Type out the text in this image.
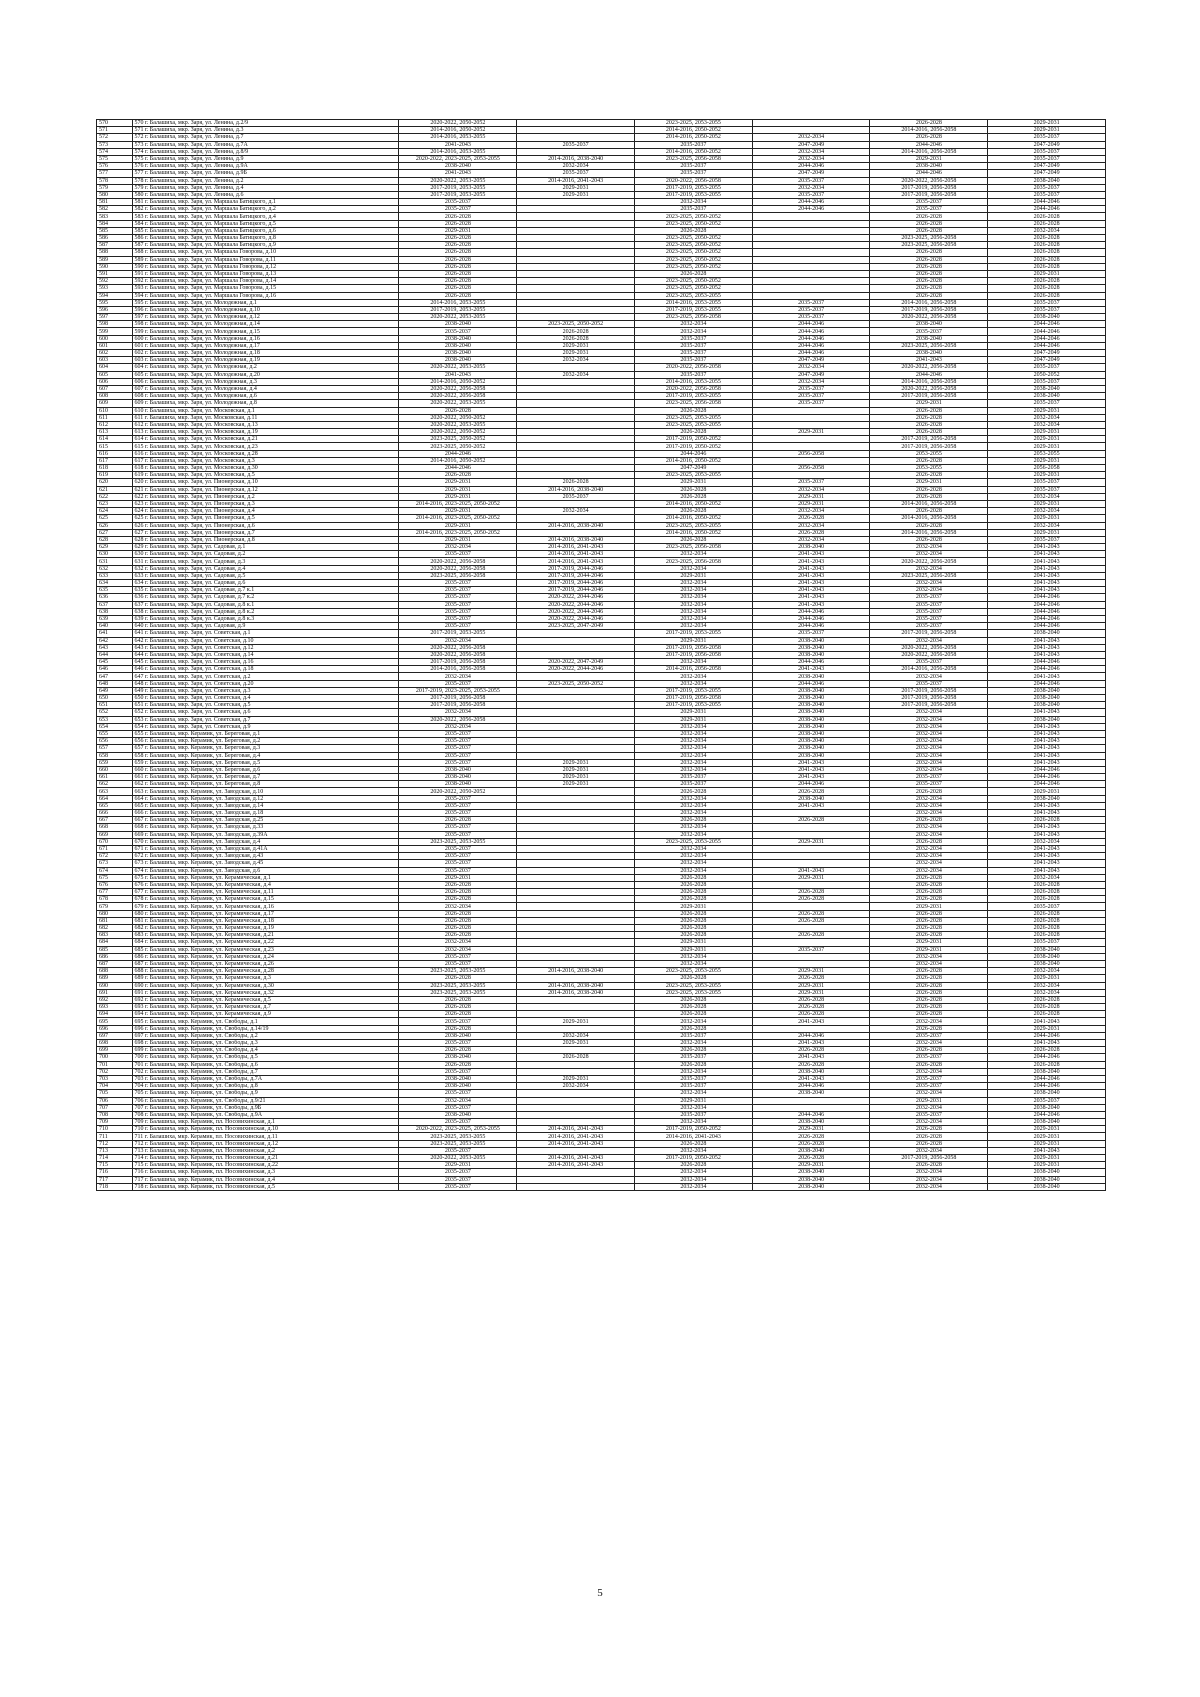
570	570 г. Балашиха, мкр. Заря, ул. Ленина, д.2/9	2020-2022, 2050-2052		2023-2025, 2053-2055		2026-2028	2029-2031
571	571 г. Балашиха, мкр. Заря, ул. Ленина, д.3	2014-2016, 2050-2052		2014-2016, 2050-2052		2014-2016, 2056-2058	2029-2031
572	572 г. Балашиха, мкр. Заря, ул. Ленина, д.7	2014-2016, 2053-2055		2014-2016, 2050-2052	2032-2034	2026-2028	2035-2037
573	573 г. Балашиха, мкр. Заря, ул. Ленина, д.7А	2041-2043	2035-2037	2035-2037	2047-2049	2044-2046	2047-2049
574	574 г. Балашиха, мкр. Заря, ул. Ленина, д.8/9	2014-2016, 2053-2055		2014-2016, 2050-2052	2032-2034	2014-2016, 2056-2058	2035-2037
575	575 г. Балашиха, мкр. Заря, ул. Ленина, д.9	2020-2022, 2023-2025, 2053-2055	2014-2016, 2038-2040	2023-2025, 2056-2058	2032-2034	2029-2031	2035-2037
576	576 г. Балашиха, мкр. Заря, ул. Ленина, д.9А	2038-2040	2032-2034	2035-2037	2044-2046	2038-2040	2047-2049
577	577 г. Балашиха, мкр. Заря, ул. Ленина, д.9Б	2041-2043	2035-2037	2035-2037	2047-2049	2044-2046	2047-2049
578	578 г. Балашиха, мкр. Заря, ул. Ленина, д.2	2020-2022, 2053-2055	2014-2016, 2041-2043	2020-2022, 2056-2058	2035-2037	2020-2022, 2056-2058	2038-2040
579	579 г. Балашиха, мкр. Заря, ул. Ленина, д.4	2017-2019, 2053-2055	2029-2031	2017-2019, 2053-2055	2032-2034	2017-2019, 2056-2058	2035-2037
580	580 г. Балашиха, мкр. Заря, ул. Ленина, д.6	2017-2019, 2053-2055	2029-2031	2017-2019, 2053-2055	2035-2037	2017-2019, 2056-2058	2035-2037
581	581 г. Балашиха, мкр. Заря, ул. Маршала Батицкого, д.1	2035-2037		2032-2034	2044-2046	2035-2037	2044-2046
582	582 г. Балашиха, мкр. Заря, ул. Маршала Батицкого, д.2	2035-2037		2035-2037	2044-2046	2035-2037	2044-2046
583	583 г. Балашиха, мкр. Заря, ул. Маршала Батицкого, д.4	2026-2028		2023-2025, 2050-2052		2026-2028	2026-2028
584	584 г. Балашиха, мкр. Заря, ул. Маршала Батицкого, д.5	2026-2028		2023-2025, 2050-2052		2026-2028	2026-2028
585	585 г. Балашиха, мкр. Заря, ул. Маршала Батицкого, д.6	2029-2031		2026-2028		2026-2028	2032-2034
586	586 г. Балашиха, мкр. Заря, ул. Маршала Батицкого, д.8	2026-2028		2023-2025, 2050-2052		2023-2025, 2056-2058	2026-2028
587	587 г. Балашиха, мкр. Заря, ул. Маршала Батицкого, д.9	2026-2028		2023-2025, 2050-2052		2023-2025, 2056-2058	2026-2028
588	588 г. Балашиха, мкр. Заря, ул. Маршала Говорова, д.10	2026-2028		2023-2025, 2050-2052		2026-2028	2026-2028
589	589 г. Балашиха, мкр. Заря, ул. Маршала Говорова, д.11	2026-2028		2023-2025, 2050-2052		2026-2028	2026-2028
590	590 г. Балашиха, мкр. Заря, ул. Маршала Говорова, д.12	2026-2028		2023-2025, 2050-2052		2026-2028	2026-2028
591	591 г. Балашиха, мкр. Заря, ул. Маршала Говорова, д.13	2026-2028		2026-2028		2026-2028	2029-2031
592	592 г. Балашиха, мкр. Заря, ул. Маршала Говорова, д.14	2026-2028		2023-2025, 2050-2052		2026-2028	2026-2028
593	593 г. Балашиха, мкр. Заря, ул. Маршала Говорова, д.15	2026-2028		2023-2025, 2050-2052		2026-2028	2026-2028
594	594 г. Балашиха, мкр. Заря, ул. Маршала Говорова, д.16	2026-2028		2023-2025, 2053-2055		2026-2028	2026-2028
595	595 г. Балашиха, мкр. Заря, ул. Молодежная, д.1	2014-2016, 2053-2055		2014-2016, 2053-2055	2035-2037	2014-2016, 2056-2058	2035-2037
596	596 г. Балашиха, мкр. Заря, ул. Молодежная, д.10	2017-2019, 2053-2055		2017-2019, 2053-2055	2035-2037	2017-2019, 2056-2058	2035-2037
597	597 г. Балашиха, мкр. Заря, ул. Молодежная, д.12	2020-2022, 2053-2055		2023-2025, 2056-2058	2035-2037	2020-2022, 2056-2058	2038-2040
598	598 г. Балашиха, мкр. Заря, ул. Молодежная, д.14	2038-2040	2023-2025, 2050-2052	2032-2034	2044-2046	2038-2040	2044-2046
599	599 г. Балашиха, мкр. Заря, ул. Молодежная, д.15	2035-2037	2026-2028	2032-2034	2044-2046	2035-2037	2044-2046
600	600 г. Балашиха, мкр. Заря, ул. Молодежная, д.16	2038-2040	2026-2028	2035-2037	2044-2046	2038-2040	2044-2046
601	601 г. Балашиха, мкр. Заря, ул. Молодежная, д.17	2038-2040	2029-2031	2035-2037	2044-2046	2023-2025, 2056-2058	2044-2046
602	602 г. Балашиха, мкр. Заря, ул. Молодежная, д.18	2038-2040	2029-2031	2035-2037	2044-2046	2038-2040	2047-2049
603	603 г. Балашиха, мкр. Заря, ул. Молодежная, д.19	2038-2040	2032-2034	2035-2037	2047-2049	2041-2043	2047-2049
604	604 г. Балашиха, мкр. Заря, ул. Молодежная, д.2	2020-2022, 2053-2055		2020-2022, 2056-2058	2032-2034	2020-2022, 2056-2058	2035-2037
605	605 г. Балашиха, мкр. Заря, ул. Молодежная, д.20	2041-2043	2032-2034	2035-2037	2047-2049	2044-2046	2050-2052
606	606 г. Балашиха, мкр. Заря, ул. Молодежная, д.3	2014-2016, 2050-2052		2014-2016, 2053-2055	2032-2034	2014-2016, 2056-2058	2035-2037
607	607 г. Балашиха, мкр. Заря, ул. Молодежная, д.4	2020-2022, 2056-2058		2020-2022, 2056-2058	2035-2037	2020-2022, 2056-2058	2038-2040
608	608 г. Балашиха, мкр. Заря, ул. Молодежная, д.6	2020-2022, 2056-2058		2017-2019, 2053-2055	2035-2037	2017-2019, 2056-2058	2038-2040
609	609 г. Балашиха, мкр. Заря, ул. Молодежная, д.8	2020-2022, 2053-2055		2023-2025, 2056-2058	2035-2037	2029-2031	2035-2037
610	610 г. Балашиха, мкр. Заря, ул. Московская, д.1	2026-2028		2026-2028		2026-2028	2029-2031
611	611 г. Балашиха, мкр. Заря, ул. Московская, д.11	2020-2022, 2050-2052		2023-2025, 2053-2055		2026-2028	2032-2034
612	612 г. Балашиха, мкр. Заря, ул. Московская, д.13	2020-2022, 2053-2055		2023-2025, 2053-2055		2026-2028	2032-2034
613	613 г. Балашиха, мкр. Заря, ул. Московская, д.19	2020-2022, 2050-2052		2026-2028	2029-2031	2026-2028	2029-2031
614	614 г. Балашиха, мкр. Заря, ул. Московская, д.21	2023-2025, 2050-2052		2017-2019, 2050-2052		2017-2019, 2056-2058	2029-2031
615	615 г. Балашиха, мкр. Заря, ул. Московская, д.23	2023-2025, 2050-2052		2017-2019, 2050-2052		2017-2019, 2056-2058	2029-2031
616	616 г. Балашиха, мкр. Заря, ул. Московская, д.28	2044-2046		2044-2046	2056-2058	2053-2055	2053-2055
617	617 г. Балашиха, мкр. Заря, ул. Московская, д.3	2014-2016, 2050-2052		2014-2016, 2050-2052		2026-2028	2029-2031
618	618 г. Балашиха, мкр. Заря, ул. Московская, д.30	2044-2046		2047-2049	2056-2058	2053-2055	2056-2058
619	619 г. Балашиха, мкр. Заря, ул. Московская, д.5	2026-2028		2023-2025, 2053-2055		2026-2028	2029-2031
620	620 г. Балашиха, мкр. Заря, ул. Пионерская, д.10	2029-2031	2026-2028	2029-2031	2035-2037	2029-2031	2035-2037
621	621 г. Балашиха, мкр. Заря, ул. Пионерская, д.12	2029-2031	2014-2016, 2038-2040	2026-2028	2032-2034	2026-2028	2035-2037
622	622 г. Балашиха, мкр. Заря, ул. Пионерская, д.2	2029-2031	2035-2037	2026-2028	2029-2031	2026-2028	2032-2034
623	623 г. Балашиха, мкр. Заря, ул. Пионерская, д.3	2014-2016, 2023-2025, 2050-2052		2014-2016, 2050-2052	2029-2031	2014-2016, 2056-2058	2029-2031
624	624 г. Балашиха, мкр. Заря, ул. Пионерская, д.4	2029-2031	2032-2034	2026-2028	2032-2034	2026-2028	2032-2034
625	625 г. Балашиха, мкр. Заря, ул. Пионерская, д.5	2014-2016, 2023-2025, 2050-2052		2014-2016, 2050-2052	2026-2028	2014-2016, 2056-2058	2029-2031
626	626 г. Балашиха, мкр. Заря, ул. Пионерская, д.6	2029-2031	2014-2016, 2038-2040	2023-2025, 2053-2055	2032-2034	2026-2028	2032-2034
627	627 г. Балашиха, мкр. Заря, ул. Пионерская, д.7	2014-2016, 2023-2025, 2050-2052		2014-2016, 2050-2052	2026-2028	2014-2016, 2056-2058	2029-2031
628	628 г. Балашиха, мкр. Заря, ул. Пионерская, д.8	2029-2031	2014-2016, 2038-2040	2026-2028	2032-2034	2026-2028	2035-2037
629	629 г. Балашиха, мкр. Заря, ул. Садовая, д.1	2032-2034	2014-2016, 2041-2043	2023-2025, 2056-2058	2038-2040	2032-2034	2041-2043
630	630 г. Балашиха, мкр. Заря, ул. Садовая, д.2	2035-2037	2014-2016, 2041-2043	2032-2034	2041-2043	2032-2034	2041-2043
631	631 г. Балашиха, мкр. Заря, ул. Садовая, д.3	2020-2022, 2056-2058	2014-2016, 2041-2043	2023-2025, 2056-2058	2041-2043	2020-2022, 2056-2058	2041-2043
632	632 г. Балашиха, мкр. Заря, ул. Садовая, д.4	2020-2022, 2056-2058	2017-2019, 2044-2046	2032-2034	2041-2043	2032-2034	2041-2043
633	633 г. Балашиха, мкр. Заря, ул. Садовая, д.5	2023-2025, 2056-2058	2017-2019, 2044-2046	2029-2031	2041-2043	2023-2025, 2056-2058	2041-2043
634	634 г. Балашиха, мкр. Заря, ул. Садовая, д.6	2035-2037	2017-2019, 2044-2046	2032-2034	2041-2043	2032-2034	2041-2043
635	635 г. Балашиха, мкр. Заря, ул. Садовая, д.7 к.1	2035-2037	2017-2019, 2044-2046	2032-2034	2041-2043	2032-2034	2041-2043
636	636 г. Балашиха, мкр. Заря, ул. Садовая, д.7 к.2	2035-2037	2020-2022, 2044-2046	2032-2034	2041-2043	2035-2037	2044-2046
637	637 г. Балашиха, мкр. Заря, ул. Садовая, д.8 к.1	2035-2037	2020-2022, 2044-2046	2032-2034	2041-2043	2035-2037	2044-2046
638	638 г. Балашиха, мкр. Заря, ул. Садовая, д.8 к.2	2035-2037	2020-2022, 2044-2046	2032-2034	2044-2046	2035-2037	2044-2046
639	639 г. Балашиха, мкр. Заря, ул. Садовая, д.8 к.3	2035-2037	2020-2022, 2044-2046	2032-2034	2044-2046	2035-2037	2044-2046
640	640 г. Балашиха, мкр. Заря, ул. Садовая, д.9	2035-2037	2023-2025, 2047-2049	2032-2034	2044-2046	2035-2037	2044-2046
641	641 г. Балашиха, мкр. Заря, ул. Советская, д.1	2017-2019, 2053-2055		2017-2019, 2053-2055	2035-2037	2017-2019, 2056-2058	2038-2040
642	642 г. Балашиха, мкр. Заря, ул. Советская, д.10	2032-2034		2029-2031	2038-2040	2032-2034	2041-2043
643	643 г. Балашиха, мкр. Заря, ул. Советская, д.12	2020-2022, 2056-2058		2017-2019, 2056-2058	2038-2040	2020-2022, 2056-2058	2041-2043
644	644 г. Балашиха, мкр. Заря, ул. Советская, д.14	2020-2022, 2056-2058		2017-2019, 2056-2058	2038-2040	2020-2022, 2056-2058	2041-2043
645	645 г. Балашиха, мкр. Заря, ул. Советская, д.16	2017-2019, 2056-2058	2020-2022, 2047-2049	2032-2034	2044-2046	2035-2037	2044-2046
646	646 г. Балашиха, мкр. Заря, ул. Советская, д.18	2014-2016, 2056-2058	2020-2022, 2044-2046	2014-2016, 2056-2058	2041-2043	2014-2016, 2056-2058	2044-2046
647	647 г. Балашиха, мкр. Заря, ул. Советская, д.2	2032-2034		2032-2034	2038-2040	2032-2034	2041-2043
648	648 г. Балашиха, мкр. Заря, ул. Советская, д.20	2035-2037	2023-2025, 2050-2052	2032-2034	2044-2046	2035-2037	2044-2046
649	649 г. Балашиха, мкр. Заря, ул. Советская, д.3	2017-2019, 2023-2025, 2053-2055		2017-2019, 2053-2055	2038-2040	2017-2019, 2056-2058	2038-2040
650	650 г. Балашиха, мкр. Заря, ул. Советская, д.4	2017-2019, 2056-2058		2017-2019, 2056-2058	2038-2040	2017-2019, 2056-2058	2038-2040
651	651 г. Балашиха, мкр. Заря, ул. Советская, д.5	2017-2019, 2056-2058		2017-2019, 2053-2055	2038-2040	2017-2019, 2056-2058	2038-2040
652	652 г. Балашиха, мкр. Заря, ул. Советская, д.6	2032-2034		2029-2031	2038-2040	2032-2034	2041-2043
653	653 г. Балашиха, мкр. Заря, ул. Советская, д.7	2020-2022, 2056-2058		2029-2031	2038-2040	2032-2034	2038-2040
654	654 г. Балашиха, мкр. Заря, ул. Советская, д.9	2032-2034		2032-2034	2038-2040	2032-2034	2041-2043
655	655 г. Балашиха, мкр. Керамик, ул. Береговая, д.1	2035-2037		2032-2034	2038-2040	2032-2034	2041-2043
656	656 г. Балашиха, мкр. Керамик, ул. Береговая, д.2	2035-2037		2032-2034	2038-2040	2032-2034	2041-2043
657	657 г. Балашиха, мкр. Керамик, ул. Береговая, д.3	2035-2037		2032-2034	2038-2040	2032-2034	2041-2043
658	658 г. Балашиха, мкр. Керамик, ул. Береговая, д.4	2035-2037		2032-2034	2038-2040	2032-2034	2041-2043
659	659 г. Балашиха, мкр. Керамик, ул. Береговая, д.5	2035-2037	2029-2031	2032-2034	2041-2043	2032-2034	2041-2043
660	660 г. Балашиха, мкр. Керамик, ул. Береговая, д.6	2038-2040	2029-2031	2032-2034	2041-2043	2032-2034	2044-2046
661	661 г. Балашиха, мкр. Керамик, ул. Береговая, д.7	2038-2040	2029-2031	2035-2037	2041-2043	2035-2037	2044-2046
662	662 г. Балашиха, мкр. Керамик, ул. Береговая, д.8	2038-2040	2029-2031	2035-2037	2044-2046	2035-2037	2044-2046
663	663 г. Балашиха, мкр. Керамик, ул. Заводская, д.10	2020-2022, 2050-2052		2026-2028	2026-2028	2026-2028	2029-2031
664	664 г. Балашиха, мкр. Керамик, ул. Заводская, д.12	2035-2037		2032-2034	2038-2040	2032-2034	2038-2040
665	665 г. Балашиха, мкр. Керамик, ул. Заводская, д.14	2035-2037		2032-2034	2041-2043	2032-2034	2041-2043
666	666 г. Балашиха, мкр. Керамик, ул. Заводская, д.18	2035-2037		2032-2034		2032-2034	2041-2043
667	667 г. Балашиха, мкр. Керамик, ул. Заводская, д.25	2026-2028		2026-2028	2026-2028	2026-2028	2026-2028
668	668 г. Балашиха, мкр. Керамик, ул. Заводская, д.33	2035-2037		2032-2034		2032-2034	2041-2043
669	669 г. Балашиха, мкр. Керамик, ул. Заводская, д.39А	2035-2037		2032-2034		2032-2034	2041-2043
670	670 г. Балашиха, мкр. Керамик, ул. Заводская, д.4	2023-2025, 2053-2055		2023-2025, 2053-2055	2029-2031	2026-2028	2032-2034
671	671 г. Балашиха, мкр. Керамик, ул. Заводская, д.41А	2035-2037		2032-2034		2032-2034	2041-2043
672	672 г. Балашиха, мкр. Керамик, ул. Заводская, д.43	2035-2037		2032-2034		2032-2034	2041-2043
673	673 г. Балашиха, мкр. Керамик, ул. Заводская, д.45	2035-2037		2032-2034		2032-2034	2041-2043
674	674 г. Балашиха, мкр. Керамик, ул. Заводская, д.6	2035-2037		2032-2034	2041-2043	2032-2034	2041-2043
675	675 г. Балашиха, мкр. Керамик, ул. Керамическая, д.1	2029-2031		2026-2028	2029-2031	2026-2028	2032-2034
676	676 г. Балашиха, мкр. Керамик, ул. Керамическая, д.4	2026-2028		2026-2028		2026-2028	2026-2028
677	677 г. Балашиха, мкр. Керамик, ул. Керамическая, д.11	2026-2028		2026-2028	2026-2028	2026-2028	2026-2028
678	678 г. Балашиха, мкр. Керамик, ул. Керамическая, д.15	2026-2028		2026-2028	2026-2028	2026-2028	2026-2028
679	679 г. Балашиха, мкр. Керамик, ул. Керамическая, д.16	2032-2034		2029-2031		2029-2031	2035-2037
680	680 г. Балашиха, мкр. Керамик, ул. Керамическая, д.17	2026-2028		2026-2028	2026-2028	2026-2028	2026-2028
681	681 г. Балашиха, мкр. Керамик, ул. Керамическая, д.18	2026-2028		2026-2028	2026-2028	2026-2028	2026-2028
682	682 г. Балашиха, мкр. Керамик, ул. Керамическая, д.19	2026-2028		2026-2028		2026-2028	2026-2028
683	683 г. Балашиха, мкр. Керамик, ул. Керамическая, д.21	2026-2028		2026-2028	2026-2028	2026-2028	2026-2028
684	684 г. Балашиха, мкр. Керамик, ул. Керамическая, д.22	2032-2034		2029-2031		2029-2031	2035-2037
685	685 г. Балашиха, мкр. Керамик, ул. Керамическая, д.23	2032-2034		2029-2031	2035-2037	2029-2031	2038-2040
686	686 г. Балашиха, мкр. Керамик, ул. Керамическая, д.24	2035-2037		2032-2034		2032-2034	2038-2040
687	687 г. Балашиха, мкр. Керамик, ул. Керамическая, д.26	2035-2037		2032-2034		2032-2034	2038-2040
688	688 г. Балашиха, мкр. Керамик, ул. Керамическая, д.28	2023-2025, 2053-2055	2014-2016, 2038-2040	2023-2025, 2053-2055	2029-2031	2026-2028	2032-2034
689	689 г. Балашиха, мкр. Керамик, ул. Керамическая, д.3	2026-2028		2026-2028	2026-2028	2026-2028	2029-2031
690	690 г. Балашиха, мкр. Керамик, ул. Керамическая, д.30	2023-2025, 2053-2055	2014-2016, 2038-2040	2023-2025, 2053-2055	2029-2031	2026-2028	2032-2034
691	691 г. Балашиха, мкр. Керамик, ул. Керамическая, д.32	2023-2025, 2053-2055	2014-2016, 2038-2040	2023-2025, 2053-2055	2029-2031	2026-2028	2032-2034
692	692 г. Балашиха, мкр. Керамик, ул. Керамическая, д.5	2026-2028		2026-2028	2026-2028	2026-2028	2026-2028
693	693 г. Балашиха, мкр. Керамик, ул. Керамическая, д.7	2026-2028		2026-2028	2026-2028	2026-2028	2026-2028
694	694 г. Балашиха, мкр. Керамик, ул. Керамическая, д.9	2026-2028		2026-2028	2026-2028	2026-2028	2026-2028
695	695 г. Балашиха, мкр. Керамик, ул. Свободы, д.1	2035-2037	2029-2031	2032-2034	2041-2043	2032-2034	2041-2043
696	696 г. Балашиха, мкр. Керамик, ул. Свободы, д.14/19	2026-2028		2026-2028		2026-2028	2029-2031
697	697 г. Балашиха, мкр. Керамик, ул. Свободы, д.2	2038-2040	2032-2034	2035-2037	2044-2046	2035-2037	2044-2046
698	698 г. Балашиха, мкр. Керамик, ул. Свободы, д.3	2035-2037	2029-2031	2032-2034	2041-2043	2032-2034	2041-2043
699	699 г. Балашиха, мкр. Керамик, ул. Свободы, д.4	2026-2028		2026-2028	2026-2028	2026-2028	2026-2028
700	700 г. Балашиха, мкр. Керамик, ул. Свободы, д.5	2038-2040	2026-2028	2035-2037	2041-2043	2035-2037	2044-2046
701	701 г. Балашиха, мкр. Керамик, ул. Свободы, д.6	2026-2028		2026-2028	2026-2028	2026-2028	2026-2028
702	702 г. Балашиха, мкр. Керамик, ул. Свободы, д.7	2035-2037		2032-2034	2038-2040	2032-2034	2038-2040
703	703 г. Балашиха, мкр. Керамик, ул. Свободы, д.7А	2038-2040	2029-2031	2035-2037	2041-2043	2035-2037	2044-2046
704	704 г. Балашиха, мкр. Керамик, ул. Свободы, д.8	2038-2040	2032-2034	2035-2037	2044-2046	2035-2037	2044-2046
705	705 г. Балашиха, мкр. Керамик, ул. Свободы, д.9	2035-2037		2032-2034	2038-2040	2032-2034	2038-2040
706	706 г. Балашиха, мкр. Керамик, ул. Свободы, д.9/21	2032-2034		2029-2031		2029-2031	2035-2037
707	707 г. Балашиха, мкр. Керамик, ул. Свободы, д.9Б	2035-2037		2032-2034		2032-2034	2038-2040
708	708 г. Балашиха, мкр. Керамик, ул. Свободы, д.9А	2038-2040		2035-2037	2044-2046	2035-2037	2044-2046
709	709 г. Балашиха, мкр. Керамик, пл. Носовихинская, д.1	2035-2037		2032-2034	2038-2040	2032-2034	2038-2040
710	710 г. Балашиха, мкр. Керамик, пл. Носовихинская, д.10	2020-2022, 2023-2025, 2053-2055	2014-2016, 2041-2043	2017-2019, 2050-2052	2029-2031	2026-2028	2029-2031
711	711 г. Балашиха, мкр. Керамик, пл. Носовихинская, д.11	2023-2025, 2053-2055	2014-2016, 2041-2043	2014-2016, 2041-2043	2026-2028	2026-2028	2029-2031
712	712 г. Балашиха, мкр. Керамик, пл. Носовихинская, д.12	2023-2025, 2053-2055	2014-2016, 2041-2043	2026-2028	2026-2028	2026-2028	2029-2031
713	713 г. Балашиха, мкр. Керамик, пл. Носовихинская, д.2	2035-2037		2032-2034	2038-2040	2032-2034	2041-2043
714	714 г. Балашиха, мкр. Керамик, пл. Носовихинская, д.21	2020-2022, 2053-2055	2014-2016, 2041-2043	2017-2019, 2050-2052	2026-2028	2017-2019, 2056-2058	2029-2031
715	715 г. Балашиха, мкр. Керамик, пл. Носовихинская, д.22	2029-2031	2014-2016, 2041-2043	2026-2028	2029-2031	2026-2028	2029-2031
716	716 г. Балашиха, мкр. Керамик, пл. Носовихинская, д.3	2035-2037		2032-2034	2038-2040	2032-2034	2038-2040
717	717 г. Балашиха, мкр. Керамик, пл. Носовихинская, д.4	2035-2037		2032-2034	2038-2040	2032-2034	2038-2040
718	718 г. Балашиха, мкр. Керамик, пл. Носовихинская, д.5	2035-2037		2032-2034	2038-2040	2032-2034	2038-2040
5
